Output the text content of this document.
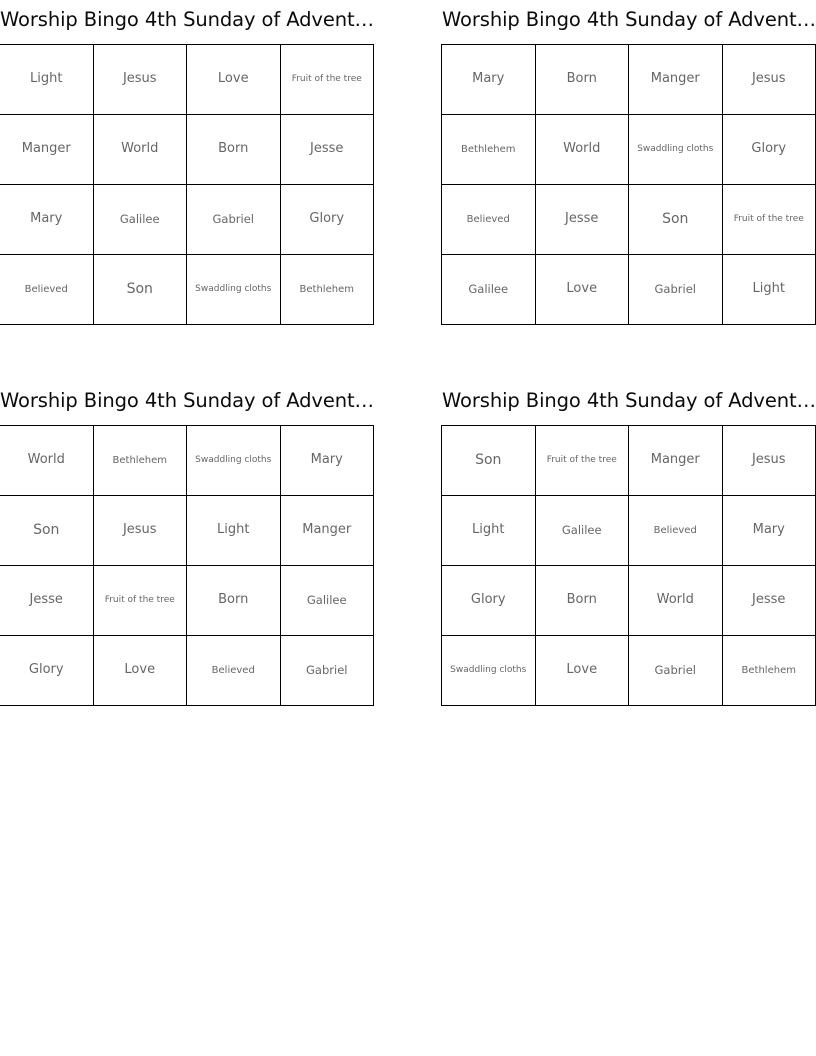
Worship Bingo 4th Sunday of Advent…
Light	Jesus	Love	Fruit of the tree
Manger	World	Born	Jesse
Mary	Galilee	Gabriel	Glory
Believed	Son	Swaddling cloths	Bethlehem
Worship Bingo 4th Sunday of Advent…
Mary	Born	Manger	Jesus
Bethlehem	World	Swaddling cloths	Glory
Believed	Jesse	Son	Fruit of the tree
Galilee	Love	Gabriel	Light
Worship Bingo 4th Sunday of Advent…
World	Bethlehem	Swaddling cloths	Mary
Son	Jesus	Light	Manger
Jesse	Fruit of the tree	Born	Galilee
Glory	Love	Believed	Gabriel
Worship Bingo 4th Sunday of Advent…
Son	Fruit of the tree	Manger	Jesus
Light	Galilee	Believed	Mary
Glory	Born	World	Jesse
Swaddling cloths	Love	Gabriel	Bethlehem
